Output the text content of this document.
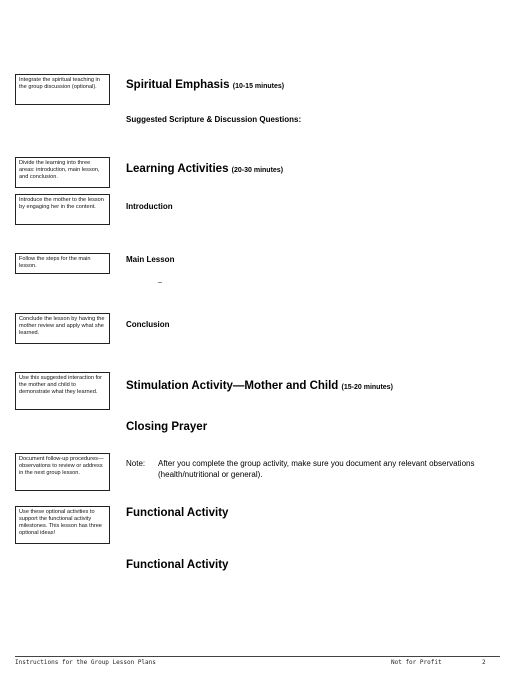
Integrate the spiritual teaching in the group discussion (optional).
Divide the learning into three areas: introduction, main lesson, and conclusion.
Introduce the mother to the lesson by engaging her in the content.
Follow the steps for the main lesson.
Conclude the lesson by having the mother review and apply what she learned.
Use this suggested interaction for the mother and child to demonstrate what they learned.
Document follow-up procedures—observations to review or address in the next group lesson.
Use these optional activities to support the functional activity milestones. This lesson has three optional ideas!
Spiritual Emphasis (10-15 minutes)
Suggested Scripture & Discussion Questions:
Learning Activities (20-30 minutes)
Introduction
Main Lesson
_
Conclusion
Stimulation Activity—Mother and Child (15-20 minutes)
Closing Prayer
Note: After you complete the group activity, make sure you document any relevant observations (health/nutritional or general).
Functional Activity
Functional Activity
Instructions for the Group Lesson Plans	Not for Profit	2
